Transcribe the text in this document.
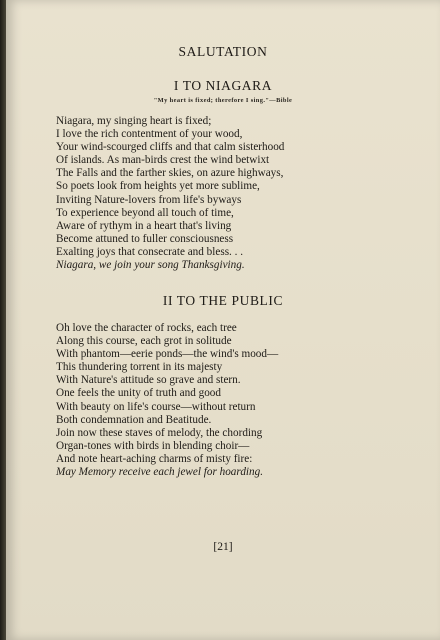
SALUTATION
I TO NIAGARA
"My heart is fixed; therefore I sing."—Bible
Niagara, my singing heart is fixed;
I love the rich contentment of your wood,
Your wind-scourged cliffs and that calm sisterhood
Of islands. As man-birds crest the wind betwixt
The Falls and the farther skies, on azure highways,
So poets look from heights yet more sublime,
Inviting Nature-lovers from life's byways
To experience beyond all touch of time,
Aware of rythym in a heart that's living
Become attuned to fuller consciousness
Exalting joys that consecrate and bless. . .
Niagara, we join your song Thanksgiving.
II TO THE PUBLIC
Oh love the character of rocks, each tree
Along this course, each grot in solitude
With phantom—eerie ponds—the wind's mood—
This thundering torrent in its majesty
With Nature's attitude so grave and stern.
One feels the unity of truth and good
With beauty on life's course—without return
Both condemnation and Beatitude.
Join now these staves of melody, the chording
Organ-tones with birds in blending choir—
And note heart-aching charms of misty fire:
May Memory receive each jewel for hoarding.
[21]
